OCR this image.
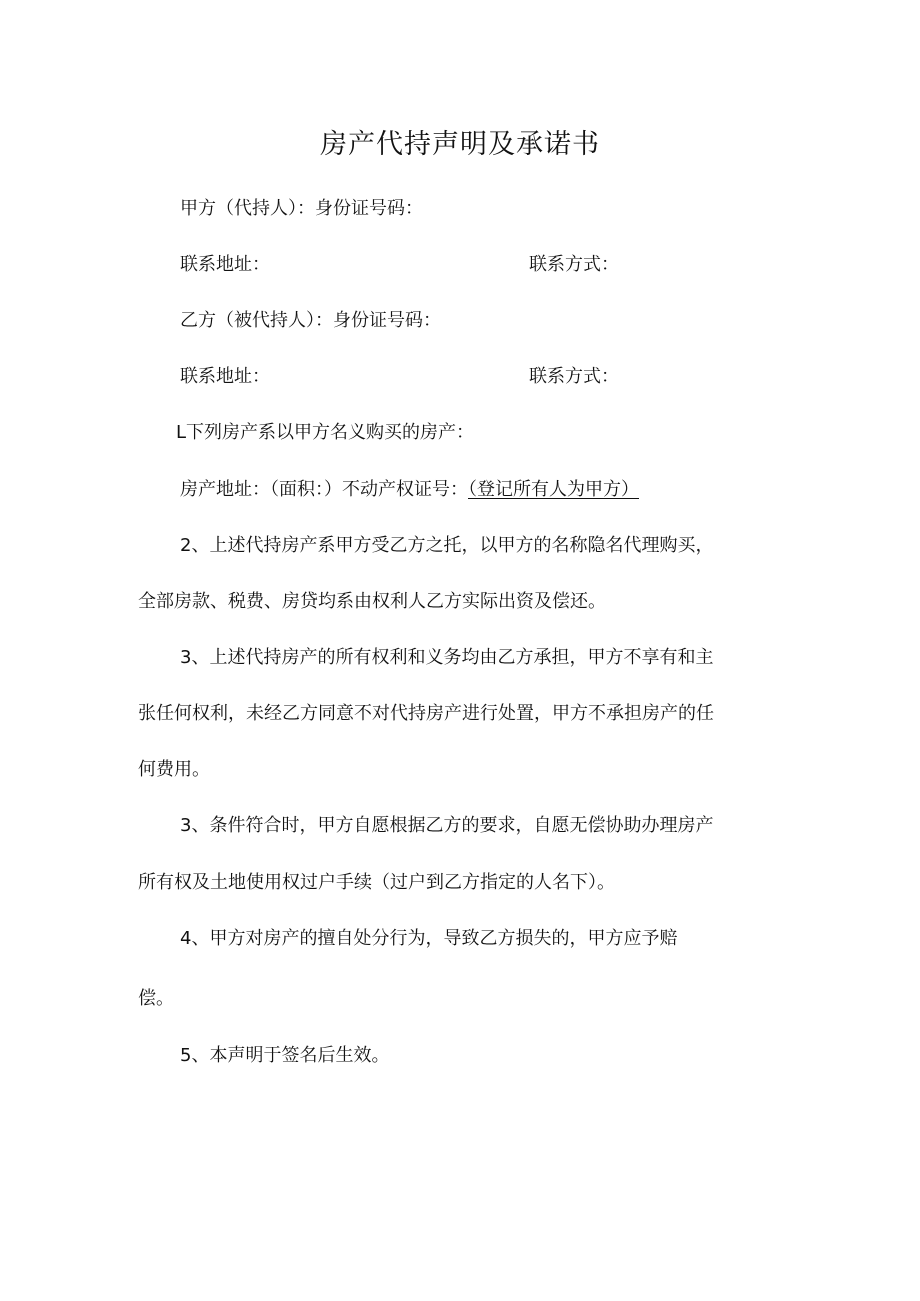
房产代持声明及承诺书
甲方（代持人）：身份证号码：
联系地址：	联系方式：
乙方（被代持人）：身份证号码：
联系地址：	联系方式：
L下列房产系以甲方名义购买的房产：
房产地址：（面积：）不动产权证号：（登记所有人为甲方）
2、上述代持房产系甲方受乙方之托，以甲方的名称隐名代理购买，
全部房款、税费、房贷均系由权利人乙方实际出资及偿还。
3、上述代持房产的所有权利和义务均由乙方承担，甲方不享有和主
张任何权利，未经乙方同意不对代持房产进行处置，甲方不承担房产的任
何费用。
3、条件符合时，甲方自愿根据乙方的要求，自愿无偿协助办理房产
所有权及土地使用权过户手续（过户到乙方指定的人名下）。
4、甲方对房产的擅自处分行为，导致乙方损失的，甲方应予赔
偿。
5、本声明于签名后生效。
